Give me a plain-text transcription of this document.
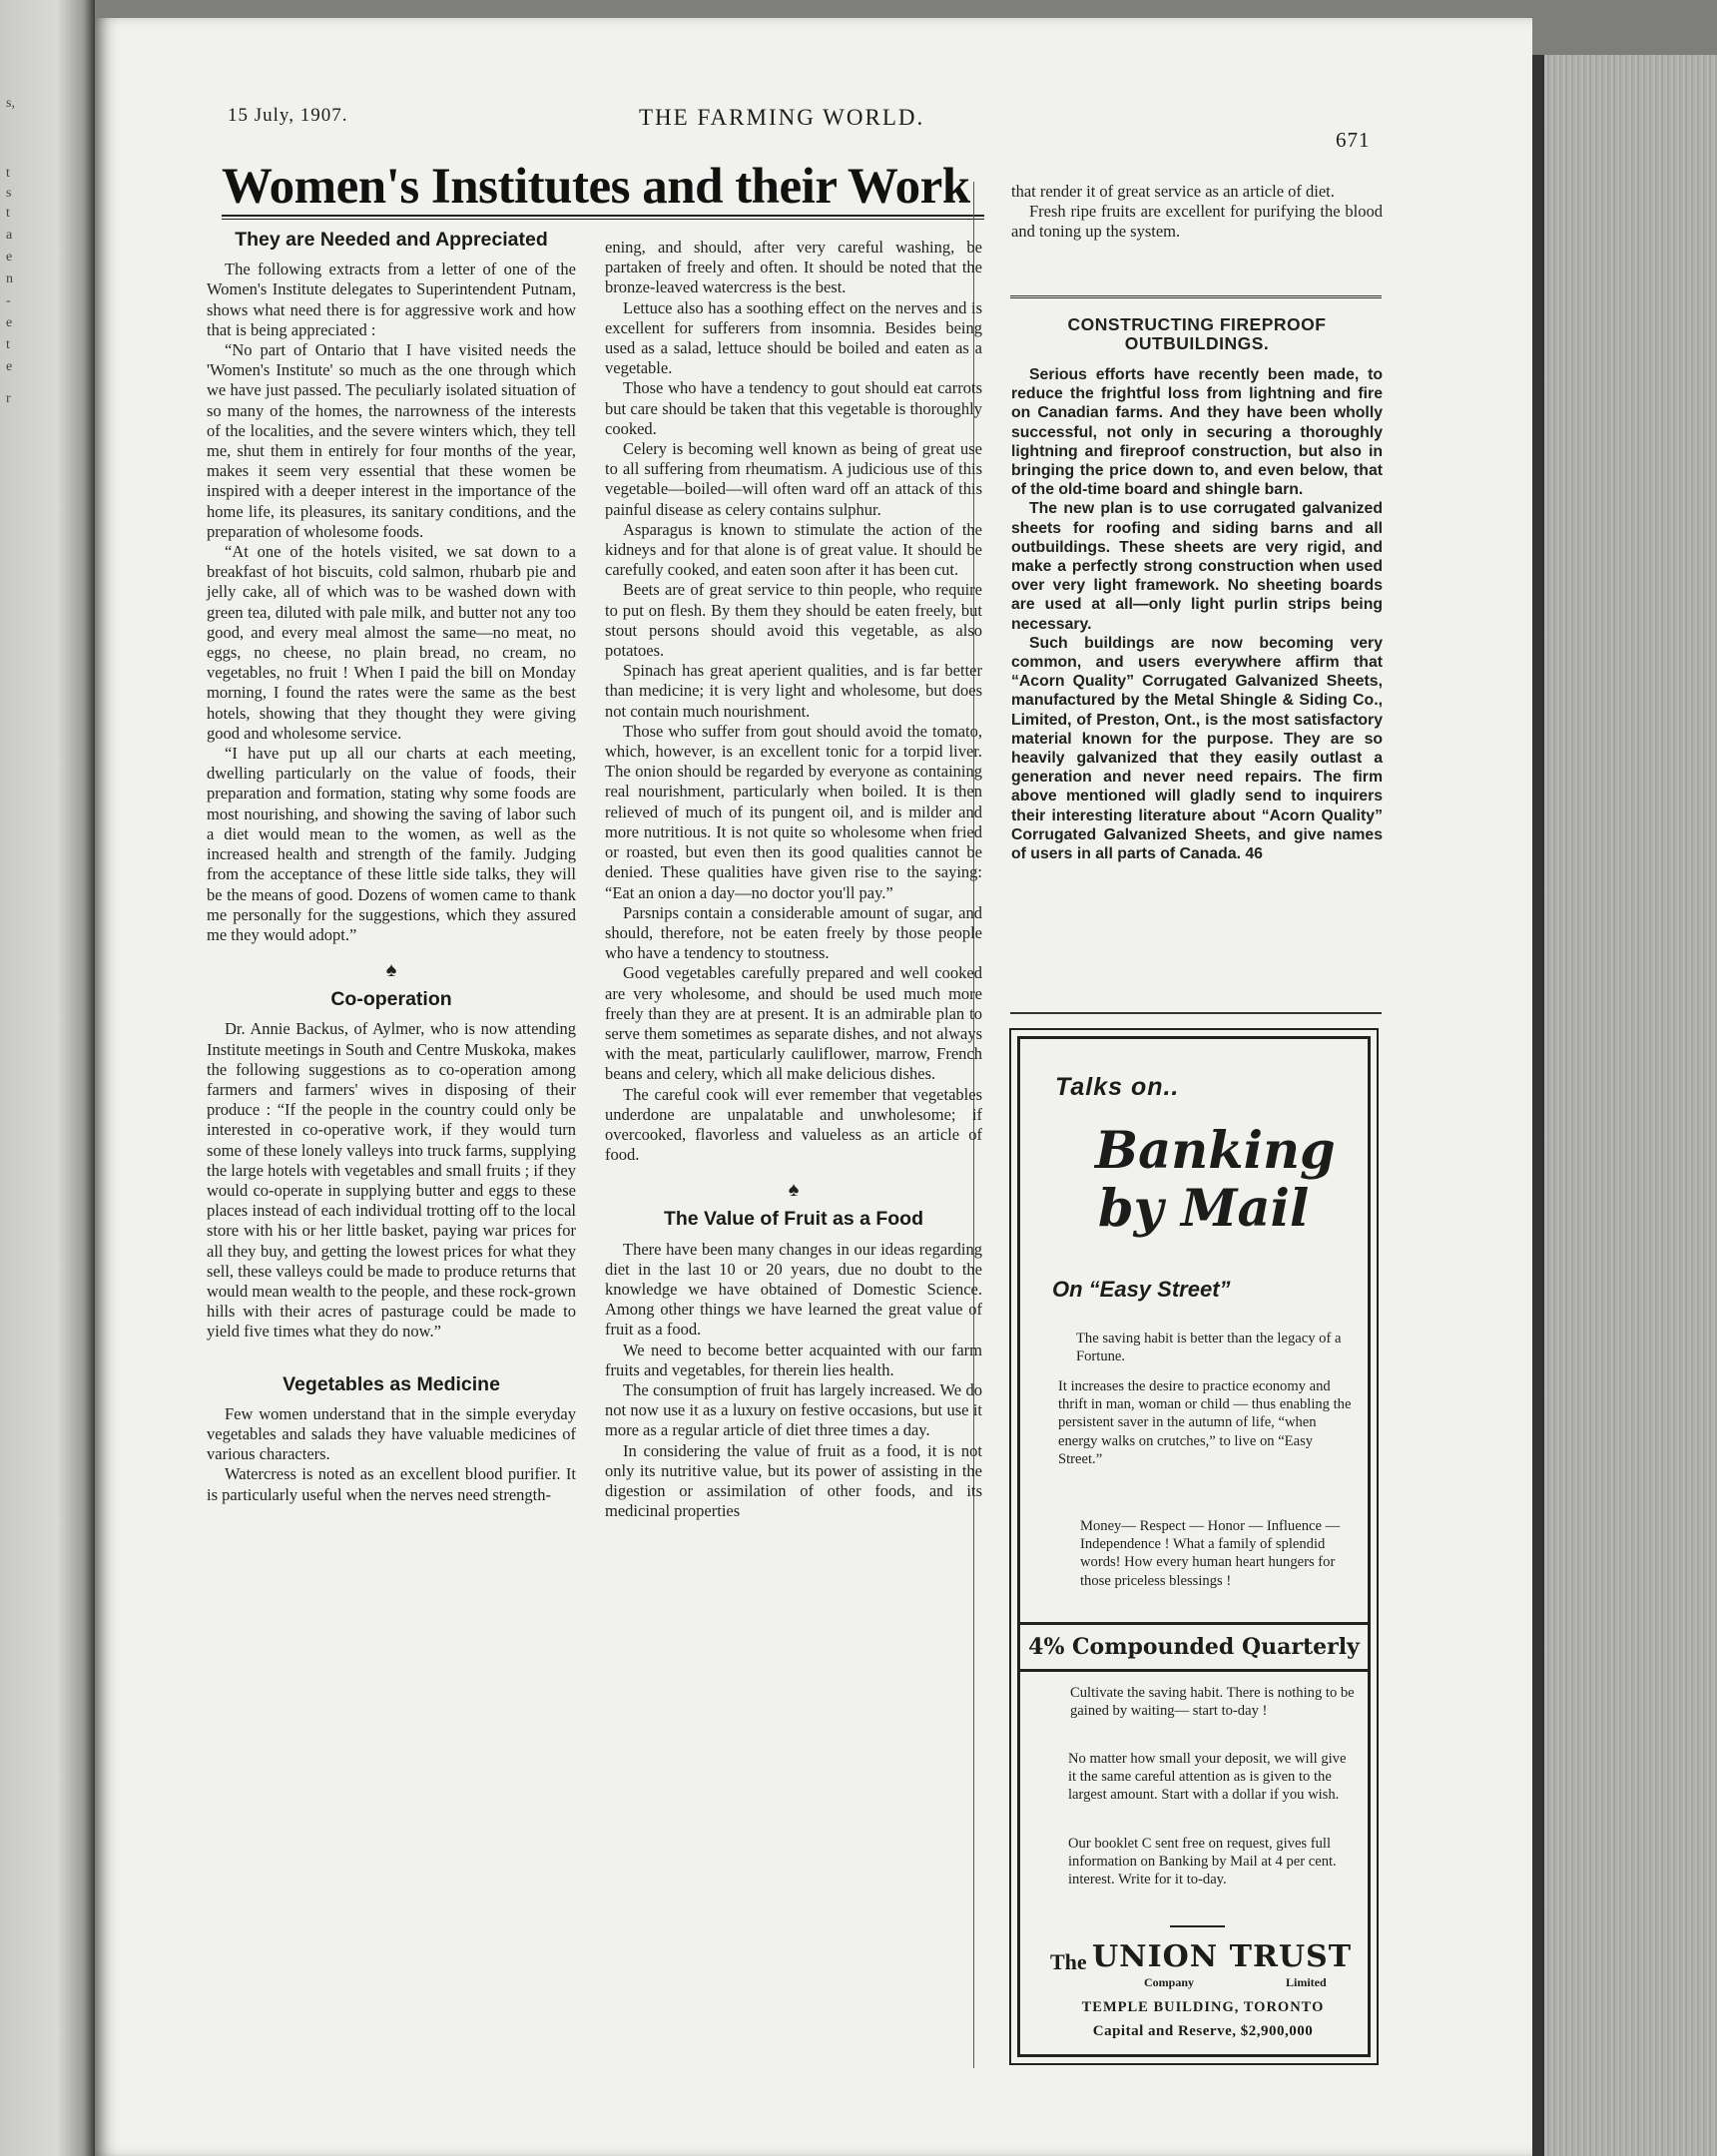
s,
t
s
t
a
e
n
-
e
t
e
r
15 July, 1907.	THE FARMING WORLD.
671
Women's Institutes and their Work
They are Needed and Appreciated

The following extracts from a letter of one of the Women's Institute delegates to Superintendent Putnam, shows what need there is for aggressive work and how that is being appreciated :

“No part of Ontario that I have visited needs the 'Women's Institute' so much as the one through which we have just passed. The peculiarly isolated situation of so many of the homes, the narrowness of the interests of the localities, and the severe winters which, they tell me, shut them in entirely for four months of the year, makes it seem very essential that these women be inspired with a deeper interest in the importance of the home life, its pleasures, its sanitary conditions, and the preparation of wholesome foods.

“At one of the hotels visited, we sat down to a breakfast of hot biscuits, cold salmon, rhubarb pie and jelly cake, all of which was to be washed down with green tea, diluted with pale milk, and butter not any too good, and every meal almost the same—no meat, no eggs, no cheese, no plain bread, no cream, no vegetables, no fruit ! When I paid the bill on Monday morning, I found the rates were the same as the best hotels, showing that they thought they were giving good and wholesome service.

“I have put up all our charts at each meeting, dwelling particularly on the value of foods, their preparation and formation, stating why some foods are most nourishing, and showing the saving of labor such a diet would mean to the women, as well as the increased health and strength of the family. Judging from the acceptance of these little side talks, they will be the means of good. Dozens of women came to thank me personally for the suggestions, which they assured me they would adopt.”

♠
Co-operation

Dr. Annie Backus, of Aylmer, who is now attending Institute meetings in South and Centre Muskoka, makes the following suggestions as to co-operation among farmers and farmers' wives in disposing of their produce : “If the people in the country could only be interested in co-operative work, if they would turn some of these lonely valleys into truck farms, supplying the large hotels with vegetables and small fruits ; if they would co-operate in supplying butter and eggs to these places instead of each individual trotting off to the local store with his or her little basket, paying war prices for all they buy, and getting the lowest prices for what they sell, these valleys could be made to produce returns that would mean wealth to the people, and these rock-grown hills with their acres of pasturage could be made to yield five times what they do now.”

Vegetables as Medicine

Few women understand that in the simple everyday vegetables and salads they have valuable medicines of various characters.

Watercress is noted as an excellent blood purifier. It is particularly useful when the nerves need strength-

ening, and should, after very careful washing, be partaken of freely and often. It should be noted that the bronze-leaved watercress is the best.

Lettuce also has a soothing effect on the nerves and is excellent for sufferers from insomnia. Besides being used as a salad, lettuce should be boiled and eaten as a vegetable.

Those who have a tendency to gout should eat carrots but care should be taken that this vegetable is thoroughly cooked.

Celery is becoming well known as being of great use to all suffering from rheumatism. A judicious use of this vegetable—boiled—will often ward off an attack of this painful disease as celery contains sulphur.

Asparagus is known to stimulate the action of the kidneys and for that alone is of great value. It should be carefully cooked, and eaten soon after it has been cut.

Beets are of great service to thin people, who require to put on flesh. By them they should be eaten freely, but stout persons should avoid this vegetable, as also potatoes.

Spinach has great aperient qualities, and is far better than medicine; it is very light and wholesome, but does not contain much nourishment.

Those who suffer from gout should avoid the tomato, which, however, is an excellent tonic for a torpid liver. The onion should be regarded by everyone as containing real nourishment, particularly when boiled. It is then relieved of much of its pungent oil, and is milder and more nutritious. It is not quite so wholesome when fried or roasted, but even then its good qualities cannot be denied. These qualities have given rise to the saying: “Eat an onion a day—no doctor you'll pay.”

Parsnips contain a considerable amount of sugar, and should, therefore, not be eaten freely by those people who have a tendency to stoutness.

Good vegetables carefully prepared and well cooked are very wholesome, and should be used much more freely than they are at present. It is an admirable plan to serve them sometimes as separate dishes, and not always with the meat, particularly cauliflower, marrow, French beans and celery, which all make delicious dishes.

The careful cook will ever remember that vegetables underdone are unpalatable and unwholesome; if overcooked, flavorless and valueless as an article of food.

♠
The Value of Fruit as a Food

There have been many changes in our ideas regarding diet in the last 10 or 20 years, due no doubt to the knowledge we have obtained of Domestic Science. Among other things we have learned the great value of fruit as a food.

We need to become better acquainted with our farm fruits and vegetables, for therein lies health.

The consumption of fruit has largely increased. We do not now use it as a luxury on festive occasions, but use it more as a regular article of diet three times a day.

In considering the value of fruit as a food, it is not only its nutritive value, but its power of assisting in the digestion or assimilation of other foods, and its medicinal properties

that render it of great service as an article of diet.

Fresh ripe fruits are excellent for purifying the blood and toning up the system.

CONSTRUCTING FIREPROOF
OUTBUILDINGS.

Serious efforts have recently been made, to reduce the frightful loss from lightning and fire on Canadian farms. And they have been wholly successful, not only in securing a thoroughly lightning and fireproof construction, but also in bringing the price down to, and even below, that of the old-time board and shingle barn.

The new plan is to use corrugated galvanized sheets for roofing and siding barns and all outbuildings. These sheets are very rigid, and make a perfectly strong construction when used over very light framework. No sheeting boards are used at all—only light purlin strips being necessary.

Such buildings are now becoming very common, and users everywhere affirm that “Acorn Quality” Corrugated Galvanized Sheets, manufactured by the Metal Shingle & Siding Co., Limited, of Preston, Ont., is the most satisfactory material known for the purpose. They are so heavily galvanized that they easily outlast a generation and never need repairs. The firm above mentioned will gladly send to inquirers their interesting literature about “Acorn Quality” Corrugated Galvanized Sheets, and give names of users in all parts of Canada. 46

Talks on..
Banking
by Mail
On “Easy Street”
The saving habit is better than the legacy of a Fortune.
It increases the desire to practice economy and thrift in man, woman or child — thus enabling the persistent saver in the autumn of life, “when energy walks on crutches,” to live on “Easy Street.”
Money— Respect — Honor — Influence — Independence ! What a family of splendid words! How every human heart hungers for those priceless blessings !
4% Compounded Quarterly
Cultivate the saving habit. There is nothing to be gained by waiting— start to-day !
No matter how small your deposit, we will give it the same careful attention as is given to the largest amount. Start with a dollar if you wish.
Our booklet C sent free on request, gives full information on Banking by Mail at 4 per cent. interest. Write for it to-day.
The UNION TRUST
Company	Limited
TEMPLE BUILDING, TORONTO
Capital and Reserve, $2,900,000
